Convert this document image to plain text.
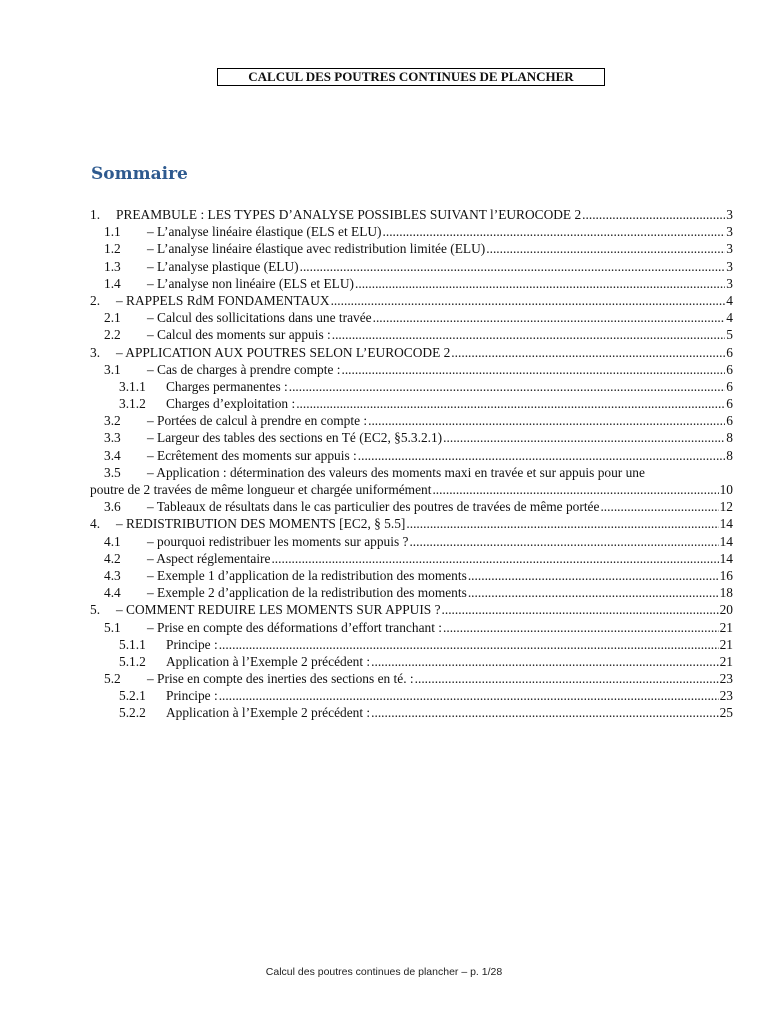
CALCUL DES POUTRES CONTINUES DE PLANCHER
Sommaire
1.	PREAMBULE : LES TYPES D’ANALYSE POSSIBLES SUIVANT l’EUROCODE 2 .....	3
1.1	– L’analyse linéaire élastique (ELS et ELU) .....	3
1.2	– L’analyse linéaire élastique avec redistribution limitée (ELU) .....	3
1.3	– L’analyse plastique (ELU) .....	3
1.4	– L’analyse non linéaire (ELS et ELU) .....	3
2.	– RAPPELS RdM FONDAMENTAUX .....	4
2.1	– Calcul des sollicitations dans une travée .....	4
2.2	– Calcul des moments sur appuis : .....	5
3.	– APPLICATION AUX POUTRES SELON L’EUROCODE 2 .....	6
3.1	– Cas de charges à prendre compte : .....	6
3.1.1	Charges permanentes : .....	6
3.1.2	Charges d’exploitation : .....	6
3.2	– Portées de calcul à prendre en compte : .....	6
3.3	– Largeur des tables des sections en Té (EC2, §5.3.2.1) .....	8
3.4	– Ecrêtement des moments sur appuis : .....	8
3.5	– Application : détermination des valeurs des moments maxi en travée et sur appuis pour une
poutre de 2 travées de même longueur et chargée uniformément .....	10
3.6	– Tableaux de résultats dans le cas particulier des poutres de travées de même portée .....	12
4.	– REDISTRIBUTION DES MOMENTS [EC2, § 5.5] .....	14
4.1	– pourquoi redistribuer les moments sur appuis ? .....	14
4.2	– Aspect réglementaire .....	14
4.3	– Exemple 1 d’application de la redistribution des moments .....	16
4.4	– Exemple 2 d’application de la redistribution des moments .....	18
5.	– COMMENT REDUIRE LES MOMENTS SUR APPUIS ? .....	20
5.1	– Prise en compte des déformations d’effort tranchant : .....	21
5.1.1	Principe : .....	21
5.1.2	Application à l’Exemple 2 précédent : .....	21
5.2	– Prise en compte des inerties des sections en té. : .....	23
5.2.1	Principe : .....	23
5.2.2	Application à l’Exemple 2 précédent : .....	25
Calcul des poutres continues de plancher – p. 1/28
